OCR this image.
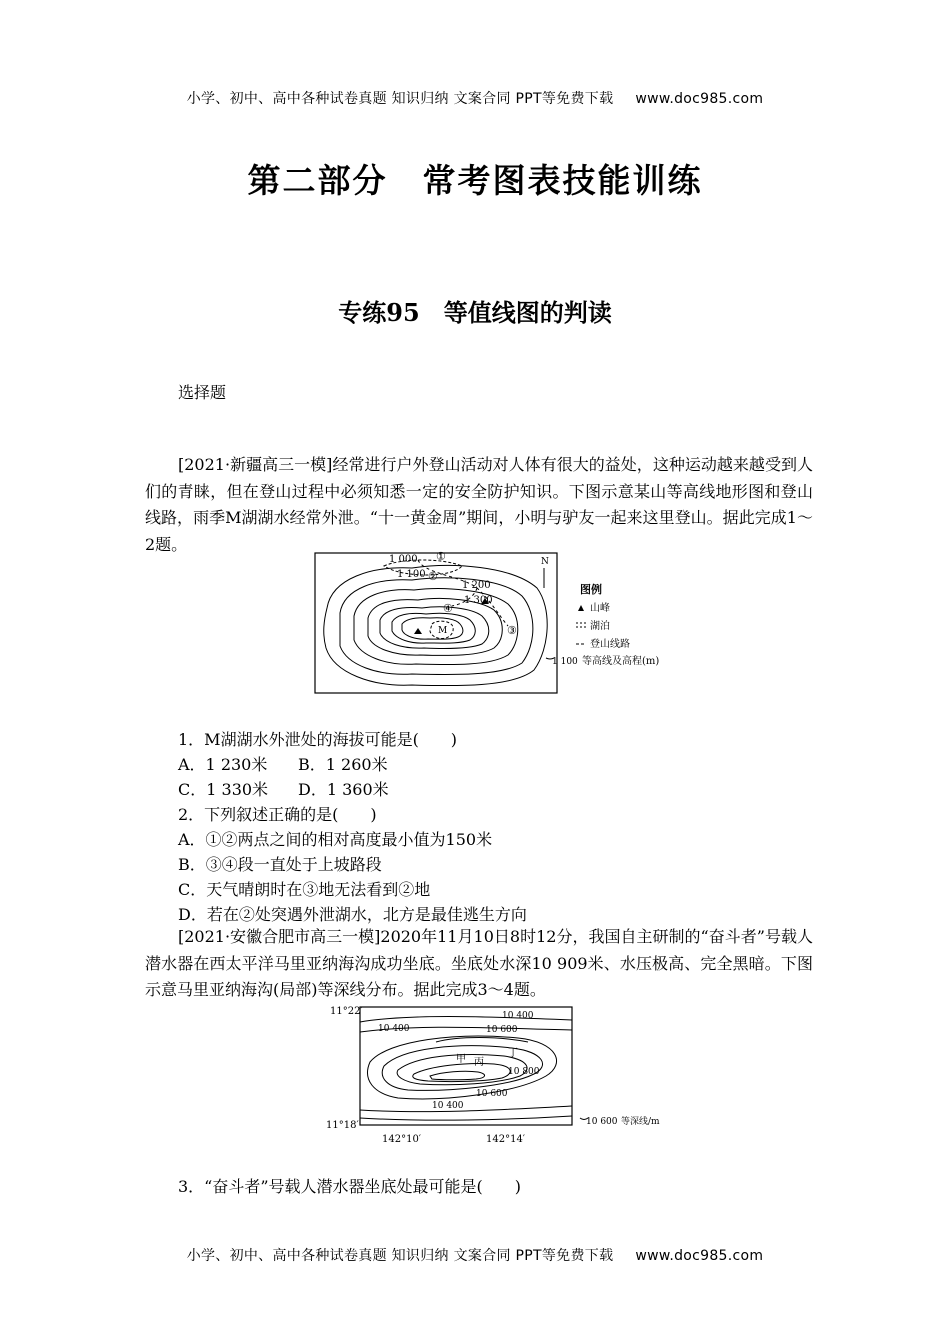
小学、初中、高中各种试卷真题 知识归纳 文案合同 PPT等免费下载 www.doc985.com
第二部分　常考图表技能训练
专练95　等值线图的判读
选择题
[2021·新疆高三一模]经常进行户外登山活动对人体有很大的益处，这种运动越来越受到人们的青睐，但在登山过程中必须知悉一定的安全防护知识。下图示意某山等高线地形图和登山线路，雨季M湖湖水经常外泄。“十一黄金周”期间，小明与驴友一起来这里登山。据此完成1～2题。
1 000
1 100
1 200
1 300
①
②
③
④
M
N
图例
山峰
湖泊
登山线路
1 100 等高线及高程(m)
1．M湖湖水外泄处的海拔可能是(　　)
A．1 230米 B．1 260米
C．1 330米 D．1 360米
2．下列叙述正确的是(　　)
A．①②两点之间的相对高度最小值为150米
B．③④段一直处于上坡路段
C．天气晴朗时在③地无法看到②地
D．若在②处突遇外泄湖水，北方是最佳逃生方向
[2021·安徽合肥市高三一模]2020年11月10日8时12分，我国自主研制的“奋斗者”号载人潜水器在西太平洋马里亚纳海沟成功坐底。坐底处水深10 909米、水压极高、完全黑暗。下图示意马里亚纳海沟(局部)等深线分布。据此完成3～4题。
11°22′
11°18′
142°10′	142°14′
10 400	10 600
10 400
10 800
10 600
10 400
甲 丙
丁
10 600 等深线/m
3．“奋斗者”号载人潜水器坐底处最可能是(　　)
小学、初中、高中各种试卷真题 知识归纳 文案合同 PPT等免费下载 www.doc985.com
